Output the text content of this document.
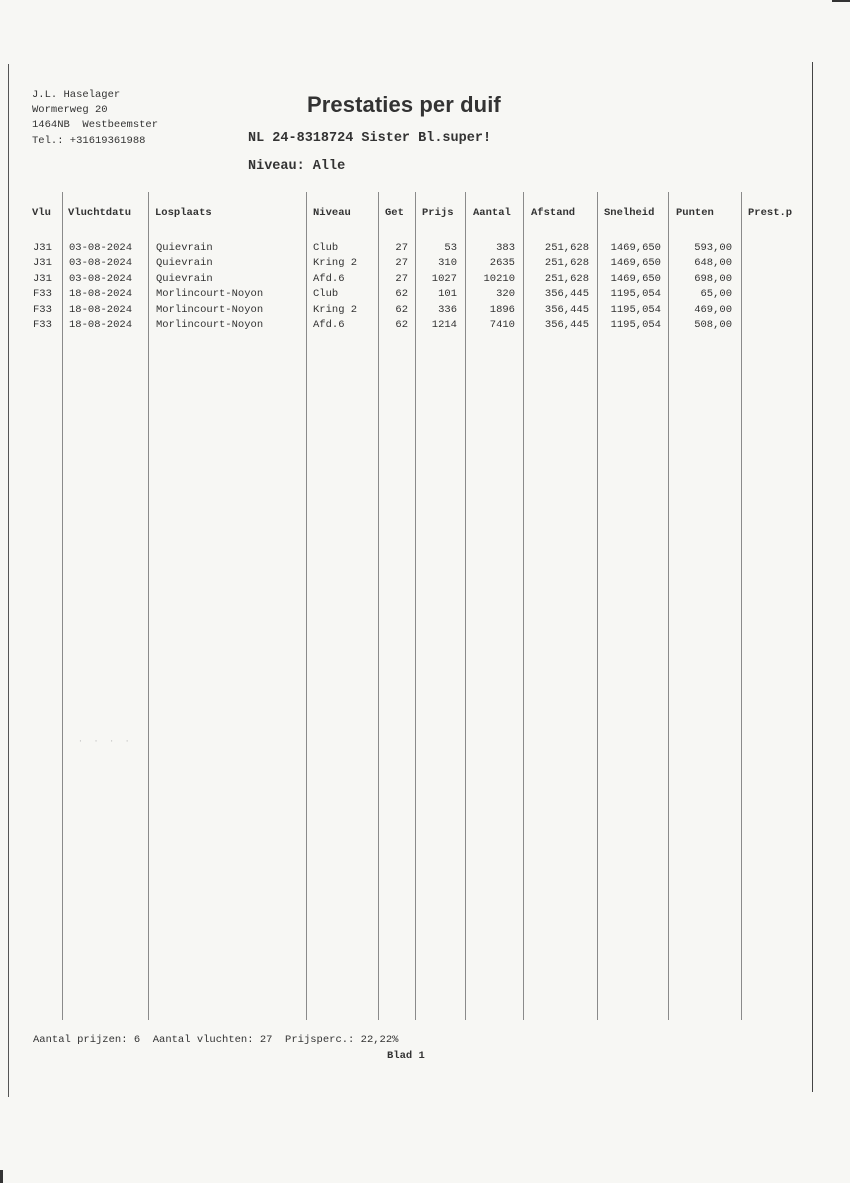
J.L. Haselager
Wormerweg 20
1464NB  Westbeemster
Tel.: +31619361988
Prestaties per duif
NL 24-8318724 Sister Bl.super!
Niveau: Alle
Vlu Vluchtdatu Losplaats	Niveau	Get Prijs Aantal Afstand	Snelheid Punten	Prest.p
J31	03-08-2024	Quievrain	Club	27	53	383	251,628	1469,650	593,00
J31	03-08-2024	Quievrain	Kring 2	27	310	2635	251,628	1469,650	648,00
J31	03-08-2024	Quievrain	Afd.6	27	1027	10210	251,628	1469,650	698,00
F33	18-08-2024	Morlincourt-Noyon	Club	62	101	320	356,445	1195,054	65,00
F33	18-08-2024	Morlincourt-Noyon	Kring 2	62	336	1896	356,445	1195,054	469,00
F33	18-08-2024	Morlincourt-Noyon	Afd.6	62	1214	7410	356,445	1195,054	508,00
· · · ·
Aantal prijzen: 6  Aantal vluchten: 27  Prijsperc.: 22,22%
Blad 1
